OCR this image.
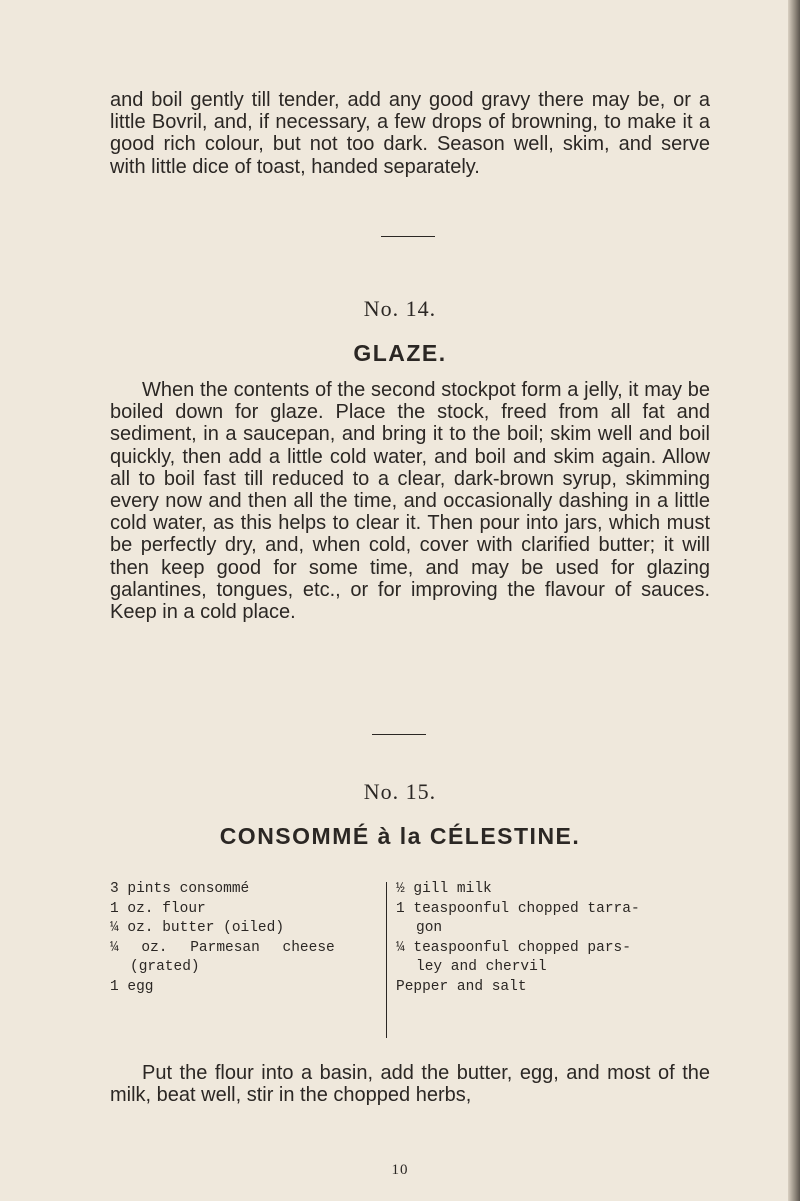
and boil gently till tender, add any good gravy there may be, or a little Bovril, and, if necessary, a few drops of browning, to make it a good rich colour, but not too dark. Season well, skim, and serve with little dice of toast, handed separately.

No. 14.
GLAZE.

When the contents of the second stockpot form a jelly, it may be boiled down for glaze. Place the stock, freed from all fat and sediment, in a saucepan, and bring it to the boil; skim well and boil quickly, then add a little cold water, and boil and skim again. Allow all to boil fast till reduced to a clear, dark-brown syrup, skimming every now and then all the time, and occasionally dashing in a little cold water, as this helps to clear it. Then pour into jars, which must be perfectly dry, and, when cold, cover with clarified butter; it will then keep good for some time, and may be used for glazing galantines, tongues, etc., or for improving the flavour of sauces. Keep in a cold place.

No. 15.
CONSOMMÉ à la CÉLESTINE.
3 pints consommé
1 oz. flour
¼ oz. butter (oiled)
¼ oz. Parmesan cheese
(grated)
1 egg
½ gill milk
1 teaspoonful chopped tarra-
gon
¼ teaspoonful chopped pars-
ley and chervil
Pepper and salt

Put the flour into a basin, add the butter, egg, and most of the milk, beat well, stir in the chopped herbs,

10
